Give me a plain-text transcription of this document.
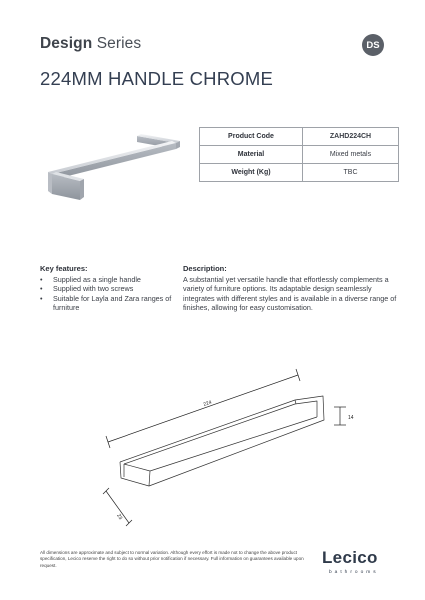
Design Series	DS
224MM HANDLE CHROME
Product Code	ZAHD224CH
Material	Mixed metals
Weight (Kg)	TBC
Key features:
• Supplied as a single handle
• Supplied with two screws
• Suitable for Layla and Zara ranges of furniture
Description:

A substantial yet versatile handle that effortlessly complements a variety of furniture options. Its adaptable design seamlessly integrates with different styles and is available in a diverse range of finishes, allowing for easy customisation.

224
14
23

All dimensions are approximate and subject to normal variation. Although every effort is made not to change the above product specification, Lecico reserve the right to do so without prior notification if necessary. Full information on guarantees available upon request.	Lecico
bathrooms
